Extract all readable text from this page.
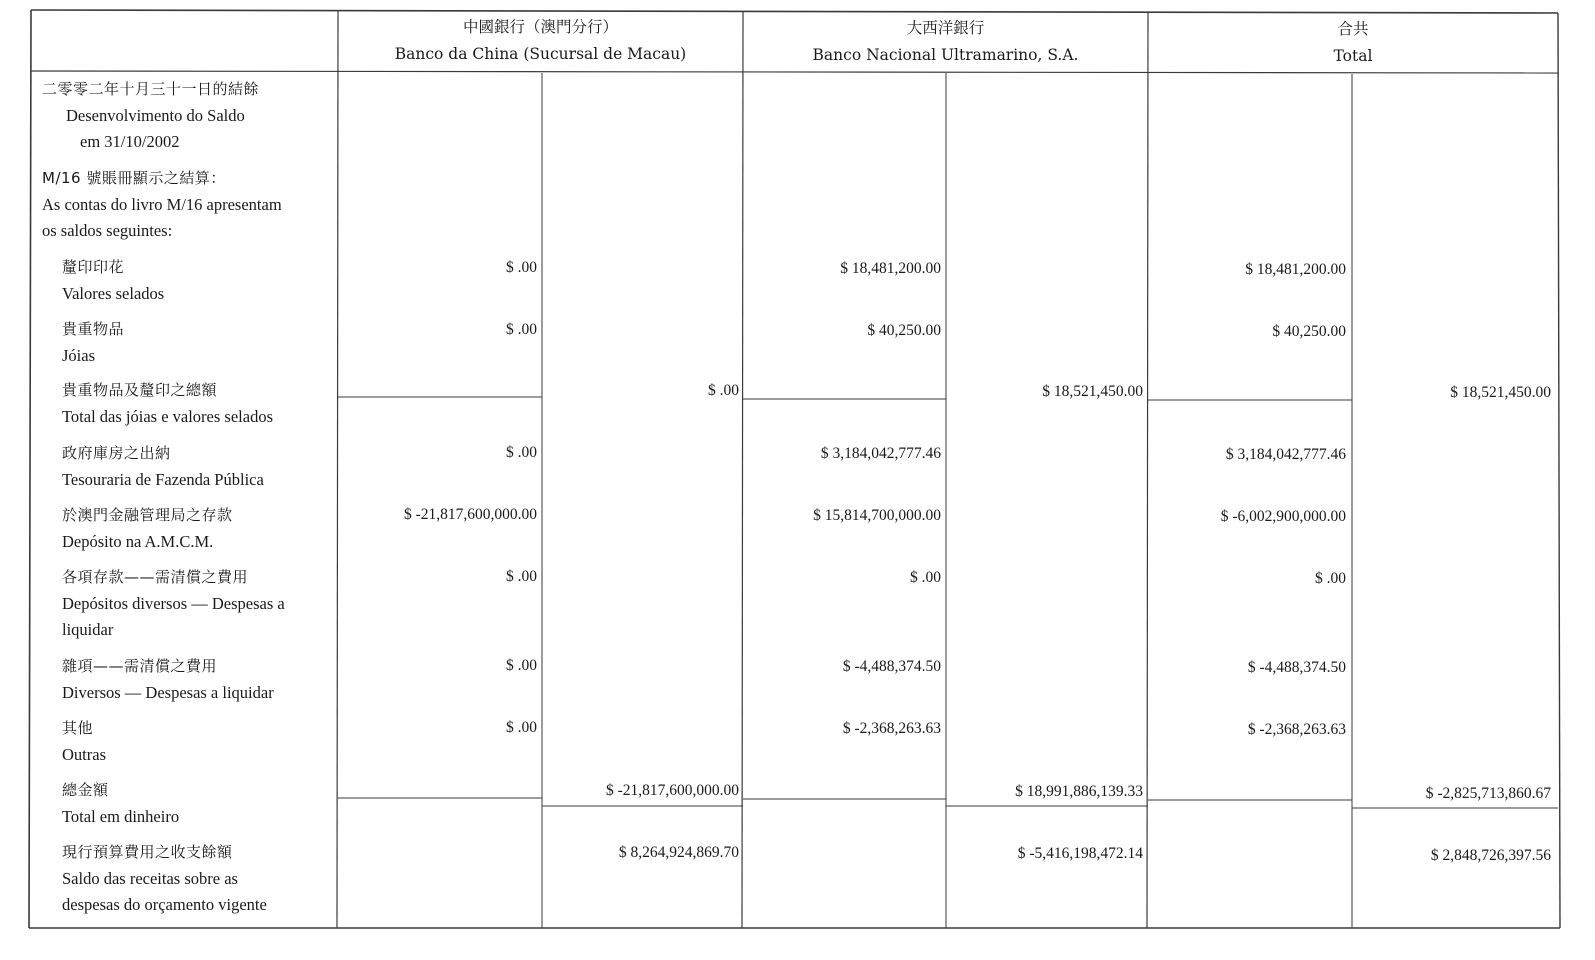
中國銀行（澳門分行）
Banco da China (Sucursal de Macau)
大西洋銀行
Banco Nacional Ultramarino, S.A.
合共
Total
二零零二年十月三十一日的結餘
Desenvolvimento do Saldo
em 31/10/2002
M/16 號賬冊顯示之結算：
As contas do livro M/16 apresentam
os saldos seguintes:
釐印印花
Valores selados
貴重物品
Jóias
貴重物品及釐印之總額
Total das jóias e valores selados
政府庫房之出納
Tesouraria de Fazenda Pública
於澳門金融管理局之存款
Depósito na A.M.C.M.
各項存款——需清償之費用
Depósitos diversos — Despesas a
liquidar
雜項——需清償之費用
Diversos — Despesas a liquidar
其他
Outras
總金額
Total em dinheiro
現行預算費用之收支餘額
Saldo das receitas sobre as
despesas do orçamento vigente
$ .00
$ .00
$ .00
$ -21,817,600,000.00
$ .00
$ .00
$ .00
$ .00
$ -21,817,600,000.00
$ 8,264,924,869.70
$ 18,481,200.00
$ 40,250.00
$ 3,184,042,777.46
$ 15,814,700,000.00
$ .00
$ -4,488,374.50
$ -2,368,263.63
$ 18,521,450.00
$ 18,991,886,139.33
$ -5,416,198,472.14
$ 18,481,200.00
$ 40,250.00
$ 3,184,042,777.46
$ -6,002,900,000.00
$ .00
$ -4,488,374.50
$ -2,368,263.63
$ 18,521,450.00
$ -2,825,713,860.67
$ 2,848,726,397.56
